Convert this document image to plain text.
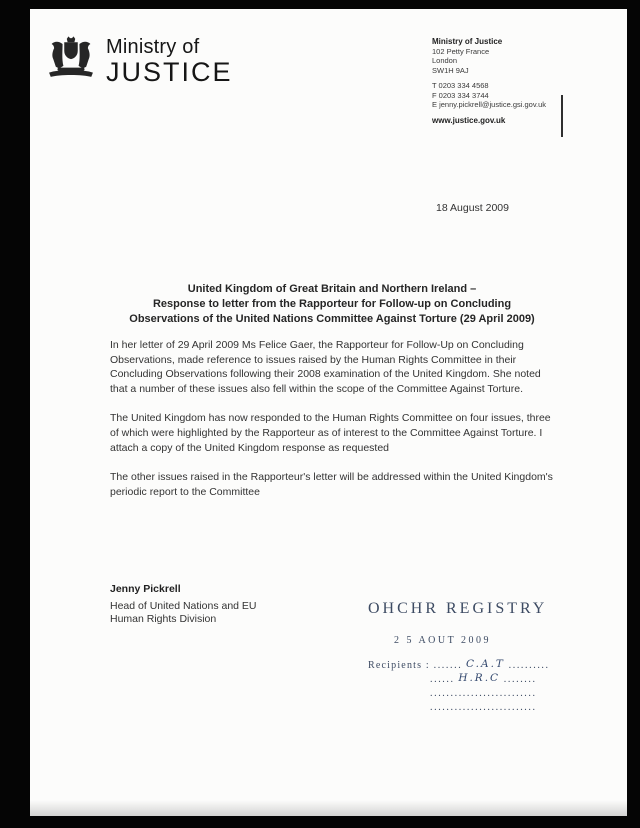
Ministry of
JUSTICE
Ministry of Justice
102 Petty France
London
SW1H 9AJ
T 0203 334 4568
F 0203 334 3744
E jenny.pickrell@justice.gsi.gov.uk
www.justice.gov.uk
18 August 2009
United Kingdom of Great Britain and Northern Ireland –
Response to letter from the Rapporteur for Follow-up on Concluding
Observations of the United Nations Committee Against Torture (29 April 2009)

In her letter of 29 April 2009 Ms Felice Gaer, the Rapporteur for Follow-Up on Concluding Observations, made reference to issues raised by the Human Rights Committee in their Concluding Observations following their 2008 examination of the United Kingdom. She noted that a number of these issues also fell within the scope of the Committee Against Torture.

The United Kingdom has now responded to the Human Rights Committee on four issues, three of which were highlighted by the Rapporteur as of interest to the Committee Against Torture. I attach a copy of the United Kingdom response as requested

The other issues raised in the Rapporteur's letter will be addressed within the United Kingdom's periodic report to the Committee

Jenny Pickrell
Head of United Nations and EU
Human Rights Division
OHCHR REGISTRY
2 5 AOUT 2009
Recipients : ....... C.A.T ..........
...... H.R.C ........
..........................
..........................
